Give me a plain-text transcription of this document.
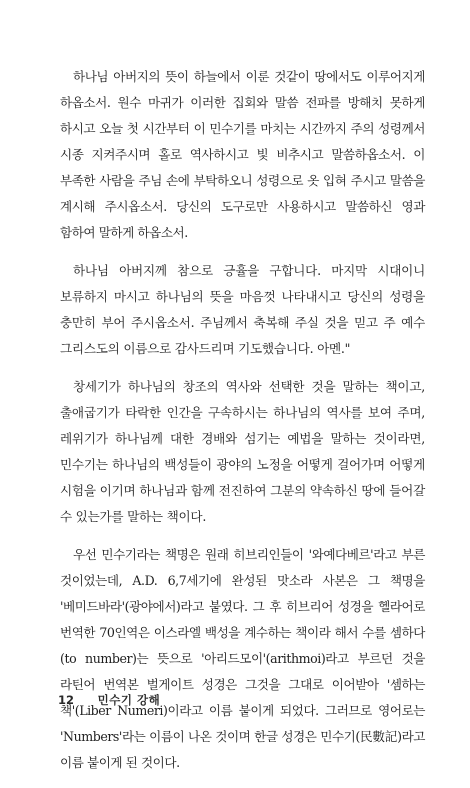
하나님 아버지의 뜻이 하늘에서 이룬 것같이 땅에서도 이루어지게 하옵소서. 원수 마귀가 이러한 집회와 말씀 전파를 방해치 못하게 하시고 오늘 첫 시간부터 이 민수기를 마치는 시간까지 주의 성령께서 시종 지켜주시며 홀로 역사하시고 빛 비추시고 말씀하옵소서. 이 부족한 사람을 주님 손에 부탁하오니 성령으로 옷 입혀 주시고 말씀을 계시해 주시옵소서. 당신의 도구로만 사용하시고 말씀하신 영과 함하여 말하게 하옵소서.

하나님 아버지께 참으로 긍휼을 구합니다. 마지막 시대이니 보류하지 마시고 하나님의 뜻을 마음껏 나타내시고 당신의 성령을 충만히 부어 주시옵소서. 주님께서 축복해 주실 것을 믿고 주 예수 그리스도의 이름으로 감사드리며 기도했습니다. 아멘."

창세기가 하나님의 창조의 역사와 선택한 것을 말하는 책이고, 출애굽기가 타락한 인간을 구속하시는 하나님의 역사를 보여 주며, 레위기가 하나님께 대한 경배와 섬기는 예법을 말하는 것이라면, 민수기는 하나님의 백성들이 광야의 노정을 어떻게 걸어가며 어떻게 시험을 이기며 하나님과 함께 전진하여 그분의 약속하신 땅에 들어갈 수 있는가를 말하는 책이다.

우선 민수기라는 책명은 원래 히브리인들이 '와예다베르'라고 부른 것이었는데, A.D. 6,7세기에 완성된 맛소라 사본은 그 책명을 '베미드바라'(광야에서)라고 붙였다. 그 후 히브리어 성경을 헬라어로 번역한 70인역은 이스라엘 백성을 계수하는 책이라 해서 수를 셈하다(to number)는 뜻으로 '아리드모이'(arithmoi)라고 부르던 것을 라틴어 번역본 벌게이트 성경은 그것을 그대로 이어받아 '셈하는 책'(Liber Numeri)이라고 이름 붙이게 되었다. 그러므로 영어로는 'Numbers'라는 이름이 나온 것이며 한글 성경은 민수기(民數記)라고 이름 붙이게 된 것이다.

12 민수기 강해
